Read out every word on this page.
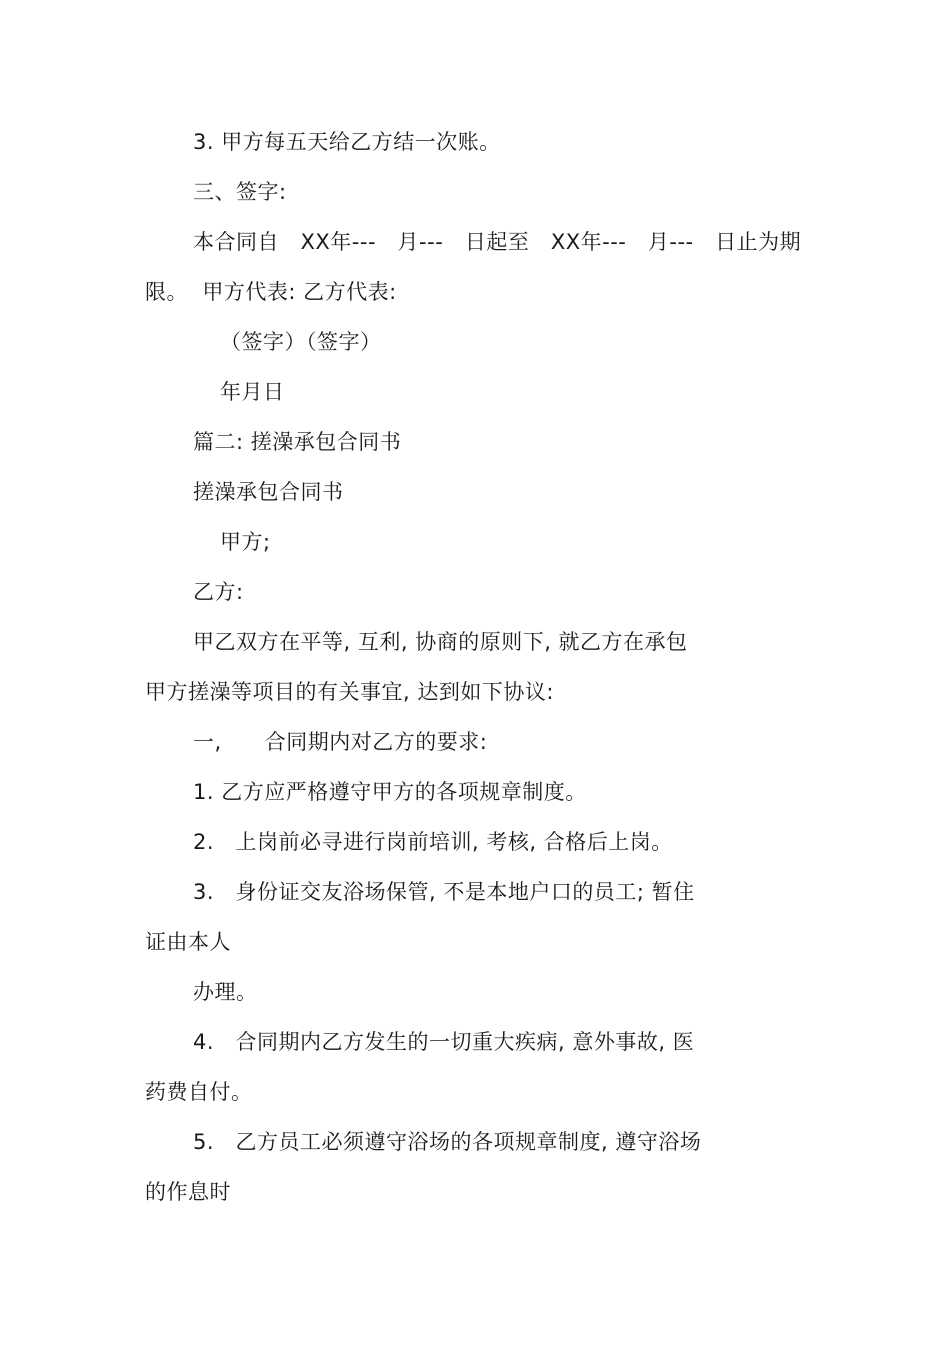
3. 甲方每五天给乙方结一次账。
三、签字:
本合同自   XX年---   月---   日起至   XX年---   月---   日止为期
限。  甲方代表: 乙方代表:
（签字）（签字）
年月日
篇二: 搓澡承包合同书
搓澡承包合同书
甲方;
乙方:
甲乙双方在平等, 互利, 协商的原则下, 就乙方在承包
甲方搓澡等项目的有关事宜, 达到如下协议:
一,      合同期内对乙方的要求:
1. 乙方应严格遵守甲方的各项规章制度。
2.   上岗前必寻进行岗前培训, 考核, 合格后上岗。
3.   身份证交友浴场保管, 不是本地户口的员工; 暂住
证由本人
办理。
4.   合同期内乙方发生的一切重大疾病, 意外事故, 医
药费自付。
5.   乙方员工必须遵守浴场的各项规章制度, 遵守浴场
的作息时
